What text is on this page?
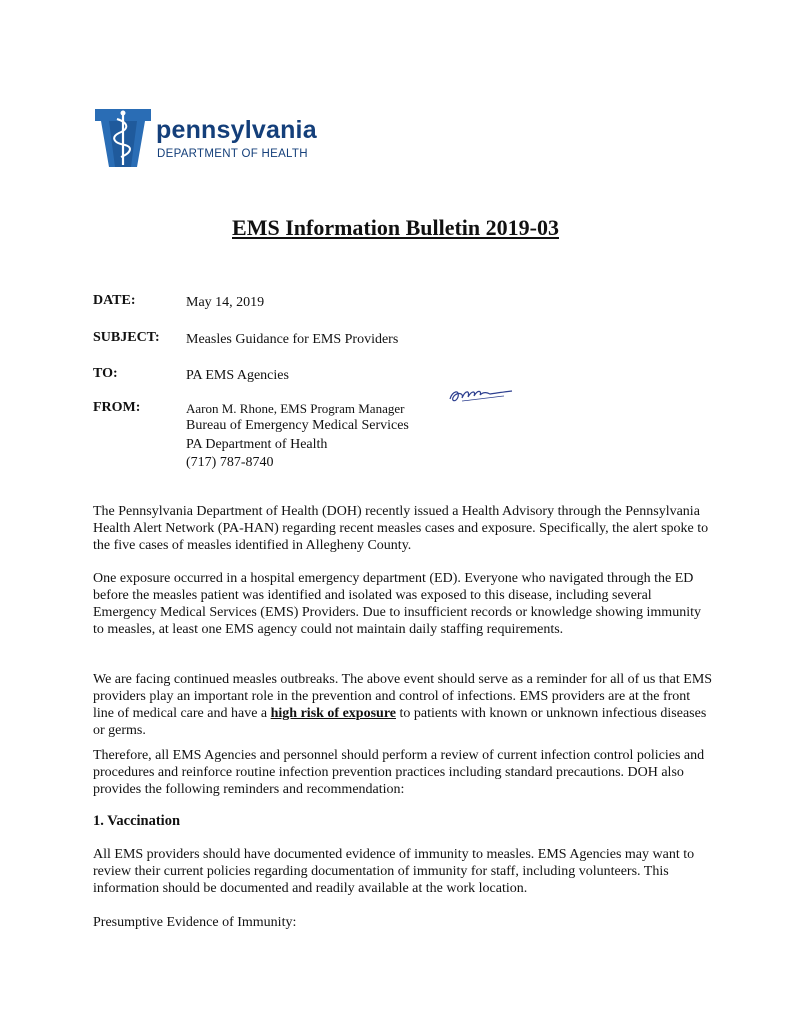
pennsylvania
DEPARTMENT OF HEALTH
EMS Information Bulletin 2019-03
DATE:	May 14, 2019
SUBJECT: Measles Guidance for EMS Providers
TO:	PA EMS Agencies
FROM:	Aaron M. Rhone, EMS Program Manager
Bureau of Emergency Medical Services
PA Department of Health
(717) 787-8740

The Pennsylvania Department of Health (DOH) recently issued a Health Advisory through the Pennsylvania Health Alert Network (PA-HAN) regarding recent measles cases and exposure. Specifically, the alert spoke to the five cases of measles identified in Allegheny County.

One exposure occurred in a hospital emergency department (ED). Everyone who navigated through the ED before the measles patient was identified and isolated was exposed to this disease, including several Emergency Medical Services (EMS) Providers. Due to insufficient records or knowledge showing immunity to measles, at least one EMS agency could not maintain daily staffing requirements.

We are facing continued measles outbreaks. The above event should serve as a reminder for all of us that EMS providers play an important role in the prevention and control of infections. EMS providers are at the front line of medical care and have a high risk of exposure to patients with known or unknown infectious diseases or germs.

Therefore, all EMS Agencies and personnel should perform a review of current infection control policies and procedures and reinforce routine infection prevention practices including standard precautions. DOH also provides the following reminders and recommendation:

1. Vaccination

All EMS providers should have documented evidence of immunity to measles. EMS Agencies may want to review their current policies regarding documentation of immunity for staff, including volunteers. This information should be documented and readily available at the work location.

Presumptive Evidence of Immunity:
